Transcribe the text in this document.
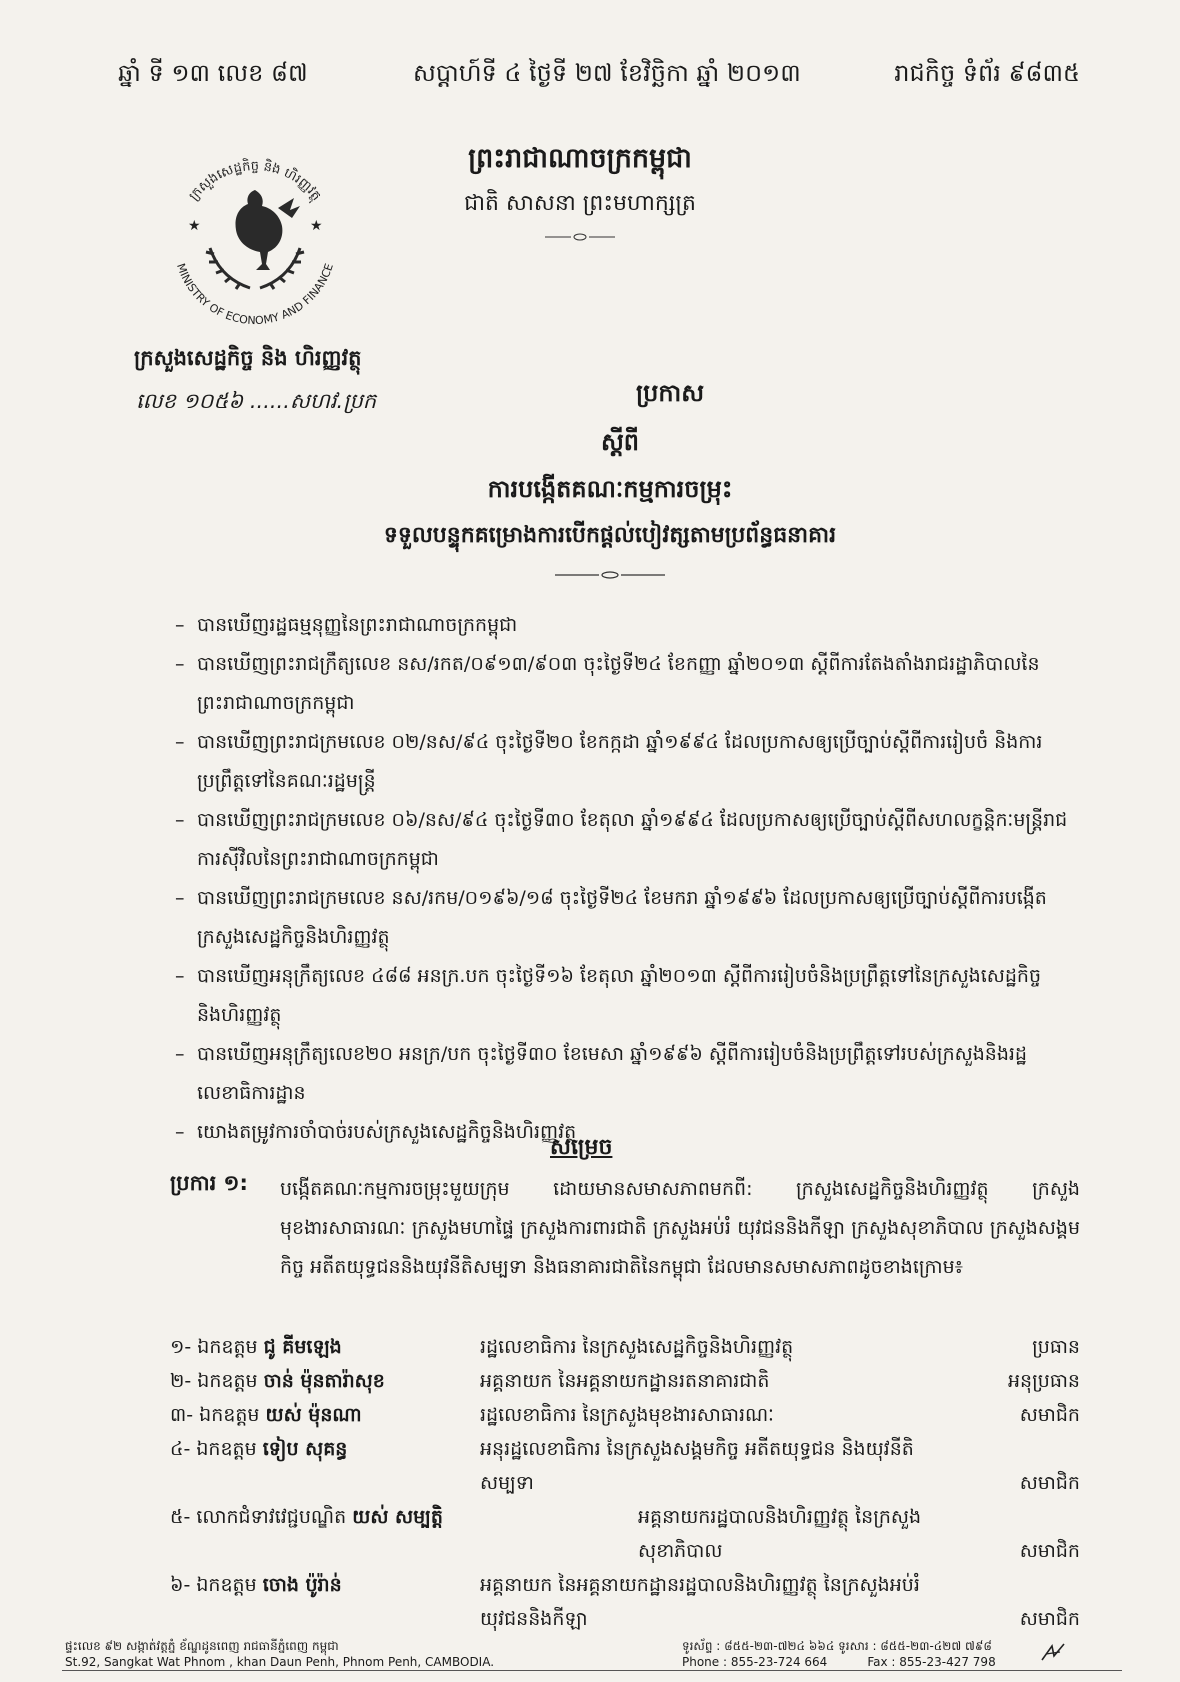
ឆ្នាំ ទី ១៣ លេខ ៨៧	សប្តាហ៍ទី ៤ ថ្ងៃទី ២៧ ខែវិច្ឆិកា ឆ្នាំ ២០១៣	រាជកិច្ច ទំព័រ ៩៨៣៥
ព្រះរាជាណាចក្រកម្ពុជា
ជាតិ សាសនា ព្រះមហាក្សត្រ
ក្រសួងសេដ្ឋកិច្ច និង ហិរញ្ញវត្ថុ
MINISTRY OF ECONOMY AND FINANCE
★	★
ក្រសួងសេដ្ឋកិច្ច និង ហិរញ្ញវត្ថុ
លេខ ១០៥៦ ......សហវ.ប្រក	ប្រកាស
ស្តីពី
ការបង្កើតគណៈកម្មការចម្រុះ
ទទួលបន្ទុកគម្រោងការបើកផ្តល់បៀវត្សតាមប្រព័ន្ធធនាគារ
– បានឃើញរដ្ឋធម្មនុញ្ញនៃព្រះរាជាណាចក្រកម្ពុជា
– បានឃើញព្រះរាជក្រឹត្យលេខ នស/រកត/០៩១៣/៩០៣ ចុះថ្ងៃទី២៤ ខែកញ្ញា ឆ្នាំ២០១៣ ស្តីពីការតែងតាំងរាជរដ្ឋាភិបាលនៃព្រះរាជាណាចក្រកម្ពុជា
– បានឃើញព្រះរាជក្រមលេខ ០២/នស/៩៤ ចុះថ្ងៃទី២០ ខែកក្កដា ឆ្នាំ១៩៩៤ ដែលប្រកាសឲ្យប្រើច្បាប់ស្តីពីការរៀបចំ និងការប្រព្រឹត្តទៅនៃគណៈរដ្ឋមន្ត្រី
– បានឃើញព្រះរាជក្រមលេខ ០៦/នស/៩៤ ចុះថ្ងៃទី៣០ ខែតុលា ឆ្នាំ១៩៩៤ ដែលប្រកាសឲ្យប្រើច្បាប់ស្តីពីសហលក្ខន្តិកៈមន្ត្រីរាជការស៊ីវិលនៃព្រះរាជាណាចក្រកម្ពុជា
– បានឃើញព្រះរាជក្រមលេខ នស/រកម/០១៩៦/១៨ ចុះថ្ងៃទី២៤ ខែមករា ឆ្នាំ១៩៩៦ ដែលប្រកាសឲ្យប្រើច្បាប់ស្តីពីការបង្កើតក្រសួងសេដ្ឋកិច្ចនិងហិរញ្ញវត្ថុ
– បានឃើញអនុក្រឹត្យលេខ ៤៨៨ អនក្រ.បក ចុះថ្ងៃទី១៦ ខែតុលា ឆ្នាំ២០១៣ ស្តីពីការរៀបចំនិងប្រព្រឹត្តទៅនៃក្រសួងសេដ្ឋកិច្ចនិងហិរញ្ញវត្ថុ
– បានឃើញអនុក្រឹត្យលេខ២០ អនក្រ/បក ចុះថ្ងៃទី៣០ ខែមេសា ឆ្នាំ១៩៩៦ ស្តីពីការរៀបចំនិងប្រព្រឹត្តទៅរបស់ក្រសួងនិងរដ្ឋលេខាធិការដ្ឋាន
– យោងតម្រូវការចាំបាច់របស់ក្រសួងសេដ្ឋកិច្ចនិងហិរញ្ញវត្ថុ
សម្រេច
ប្រការ ១: បង្កើតគណៈកម្មការចម្រុះមួយក្រុម ដោយមានសមាសភាពមកពី: ក្រសួងសេដ្ឋកិច្ចនិងហិរញ្ញវត្ថុ ក្រសួងមុខងារសាធារណៈ ក្រសួងមហាផ្ទៃ ក្រសួងការពារជាតិ ក្រសួងអប់រំ យុវជននិងកីឡា ក្រសួងសុខាភិបាល ក្រសួងសង្គមកិច្ច អតីតយុទ្ធជននិងយុវនីតិសម្បទា និងធនាគារជាតិនៃកម្ពុជា ដែលមានសមាសភាពដូចខាងក្រោម៖
១- ឯកឧត្តម ជូ គីមឡេង	រដ្ឋលេខាធិការ នៃក្រសួងសេដ្ឋកិច្ចនិងហិរញ្ញវត្ថុ	ប្រធាន
២- ឯកឧត្តម ចាន់ ម៉ុនតារ៉ាសុខ	អគ្គនាយក នៃអគ្គនាយកដ្ឋានរតនាគារជាតិ	អនុប្រធាន
៣- ឯកឧត្តម យស់ ម៉ុនណា	រដ្ឋលេខាធិការ នៃក្រសួងមុខងារសាធារណៈ	សមាជិក
៤- ឯកឧត្តម ទៀប សុគន្ធ	អនុរដ្ឋលេខាធិការ នៃក្រសួងសង្គមកិច្ច អតីតយុទ្ធជន និងយុវនីតិសម្បទា	សមាជិក
៥- លោកជំទាវវេជ្ជបណ្ឌិត យស់ សម្បត្តិ	អគ្គនាយករដ្ឋបាលនិងហិរញ្ញវត្ថុ នៃក្រសួងសុខាភិបាល	សមាជិក
៦- ឯកឧត្តម ចោង ប៉ូរ៉ាន់	អគ្គនាយក នៃអគ្គនាយកដ្ឋានរដ្ឋបាលនិងហិរញ្ញវត្ថុ នៃក្រសួងអប់រំ យុវជននិងកីឡា	សមាជិក
ផ្ទះលេខ ៩២ សង្កាត់វត្តភ្នំ ខ័ណ្ឌដូនពេញ រាជធានីភ្នំពេញ កម្ពុជា
St.92, Sangkat Wat Phnom , khan Daun Penh, Phnom Penh, CAMBODIA.
ទូរស័ព្ទ : ៨៥៥-២៣-៧២៤ ៦៦៤ ទូរសារ : ៨៥៥-២៣-៤២៧ ៧៩៨
Phone : 855-23-724 664	Fax : 855-23-427 798
